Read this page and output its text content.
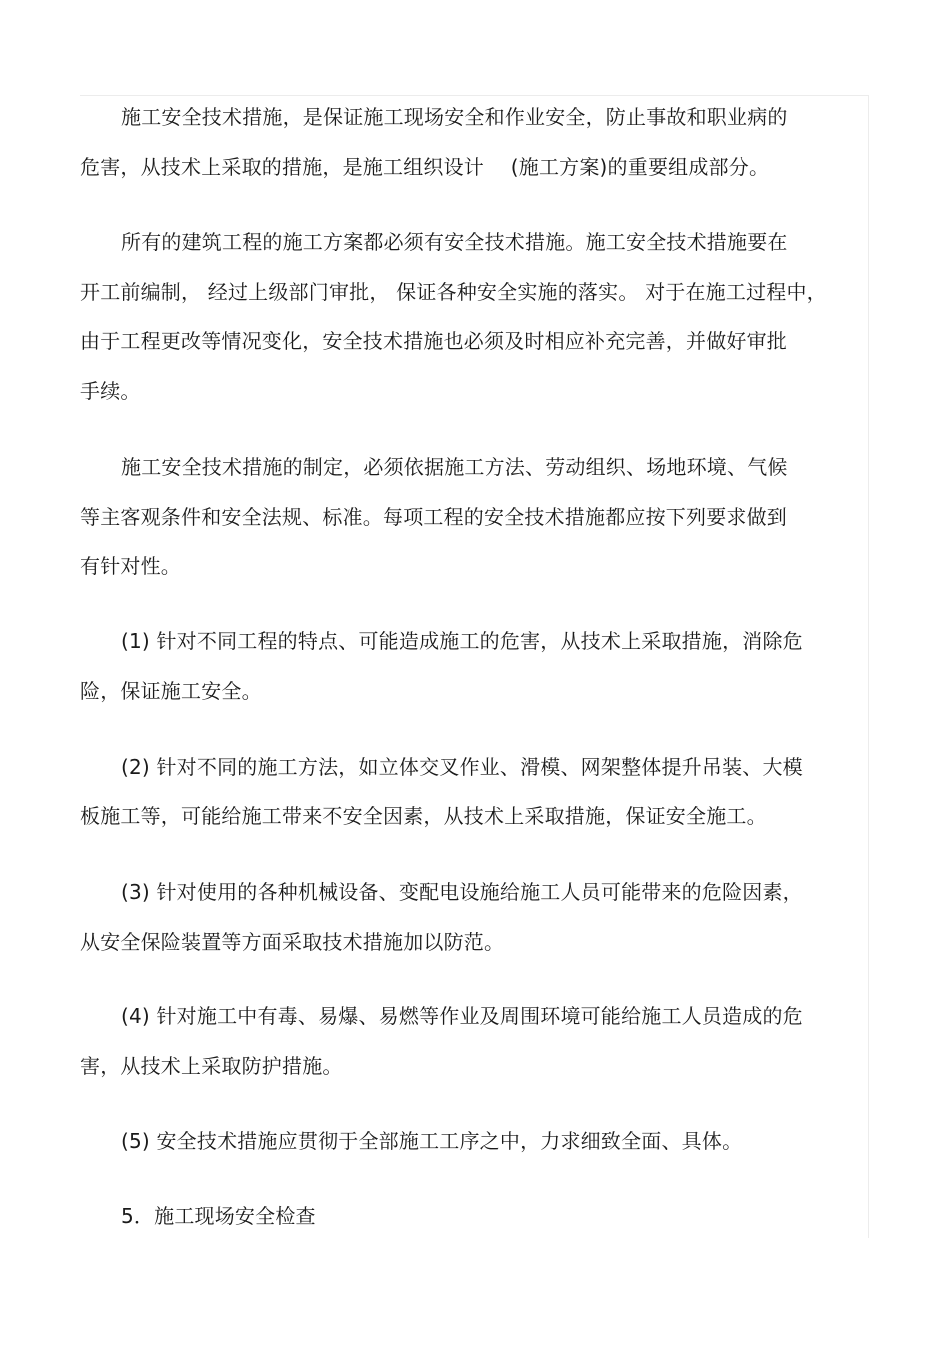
施工安全技术措施，是保证施工现场安全和作业安全，防止事故和职业病的
危害，从技术上采取的措施，是施工组织设计　 (施工方案)的重要组成部分。
所有的建筑工程的施工方案都必须有安全技术措施。施工安全技术措施要在
开工前编制， 经过上级部门审批， 保证各种安全实施的落实。 对于在施工过程中，
由于工程更改等情况变化，安全技术措施也必须及时相应补充完善，并做好审批
手续。
施工安全技术措施的制定，必须依据施工方法、劳动组织、场地环境、气候
等主客观条件和安全法规、标准。每项工程的安全技术措施都应按下列要求做到
有针对性。
(1) 针对不同工程的特点、可能造成施工的危害，从技术上采取措施，消除危
险，保证施工安全。
(2) 针对不同的施工方法，如立体交叉作业、滑模、网架整体提升吊装、大模
板施工等，可能给施工带来不安全因素，从技术上采取措施，保证安全施工。
(3) 针对使用的各种机械设备、变配电设施给施工人员可能带来的危险因素，
从安全保险装置等方面采取技术措施加以防范。
(4) 针对施工中有毒、易爆、易燃等作业及周围环境可能给施工人员造成的危
害，从技术上采取防护措施。
(5) 安全技术措施应贯彻于全部施工工序之中，力求细致全面、具体。
5．施工现场安全检查
